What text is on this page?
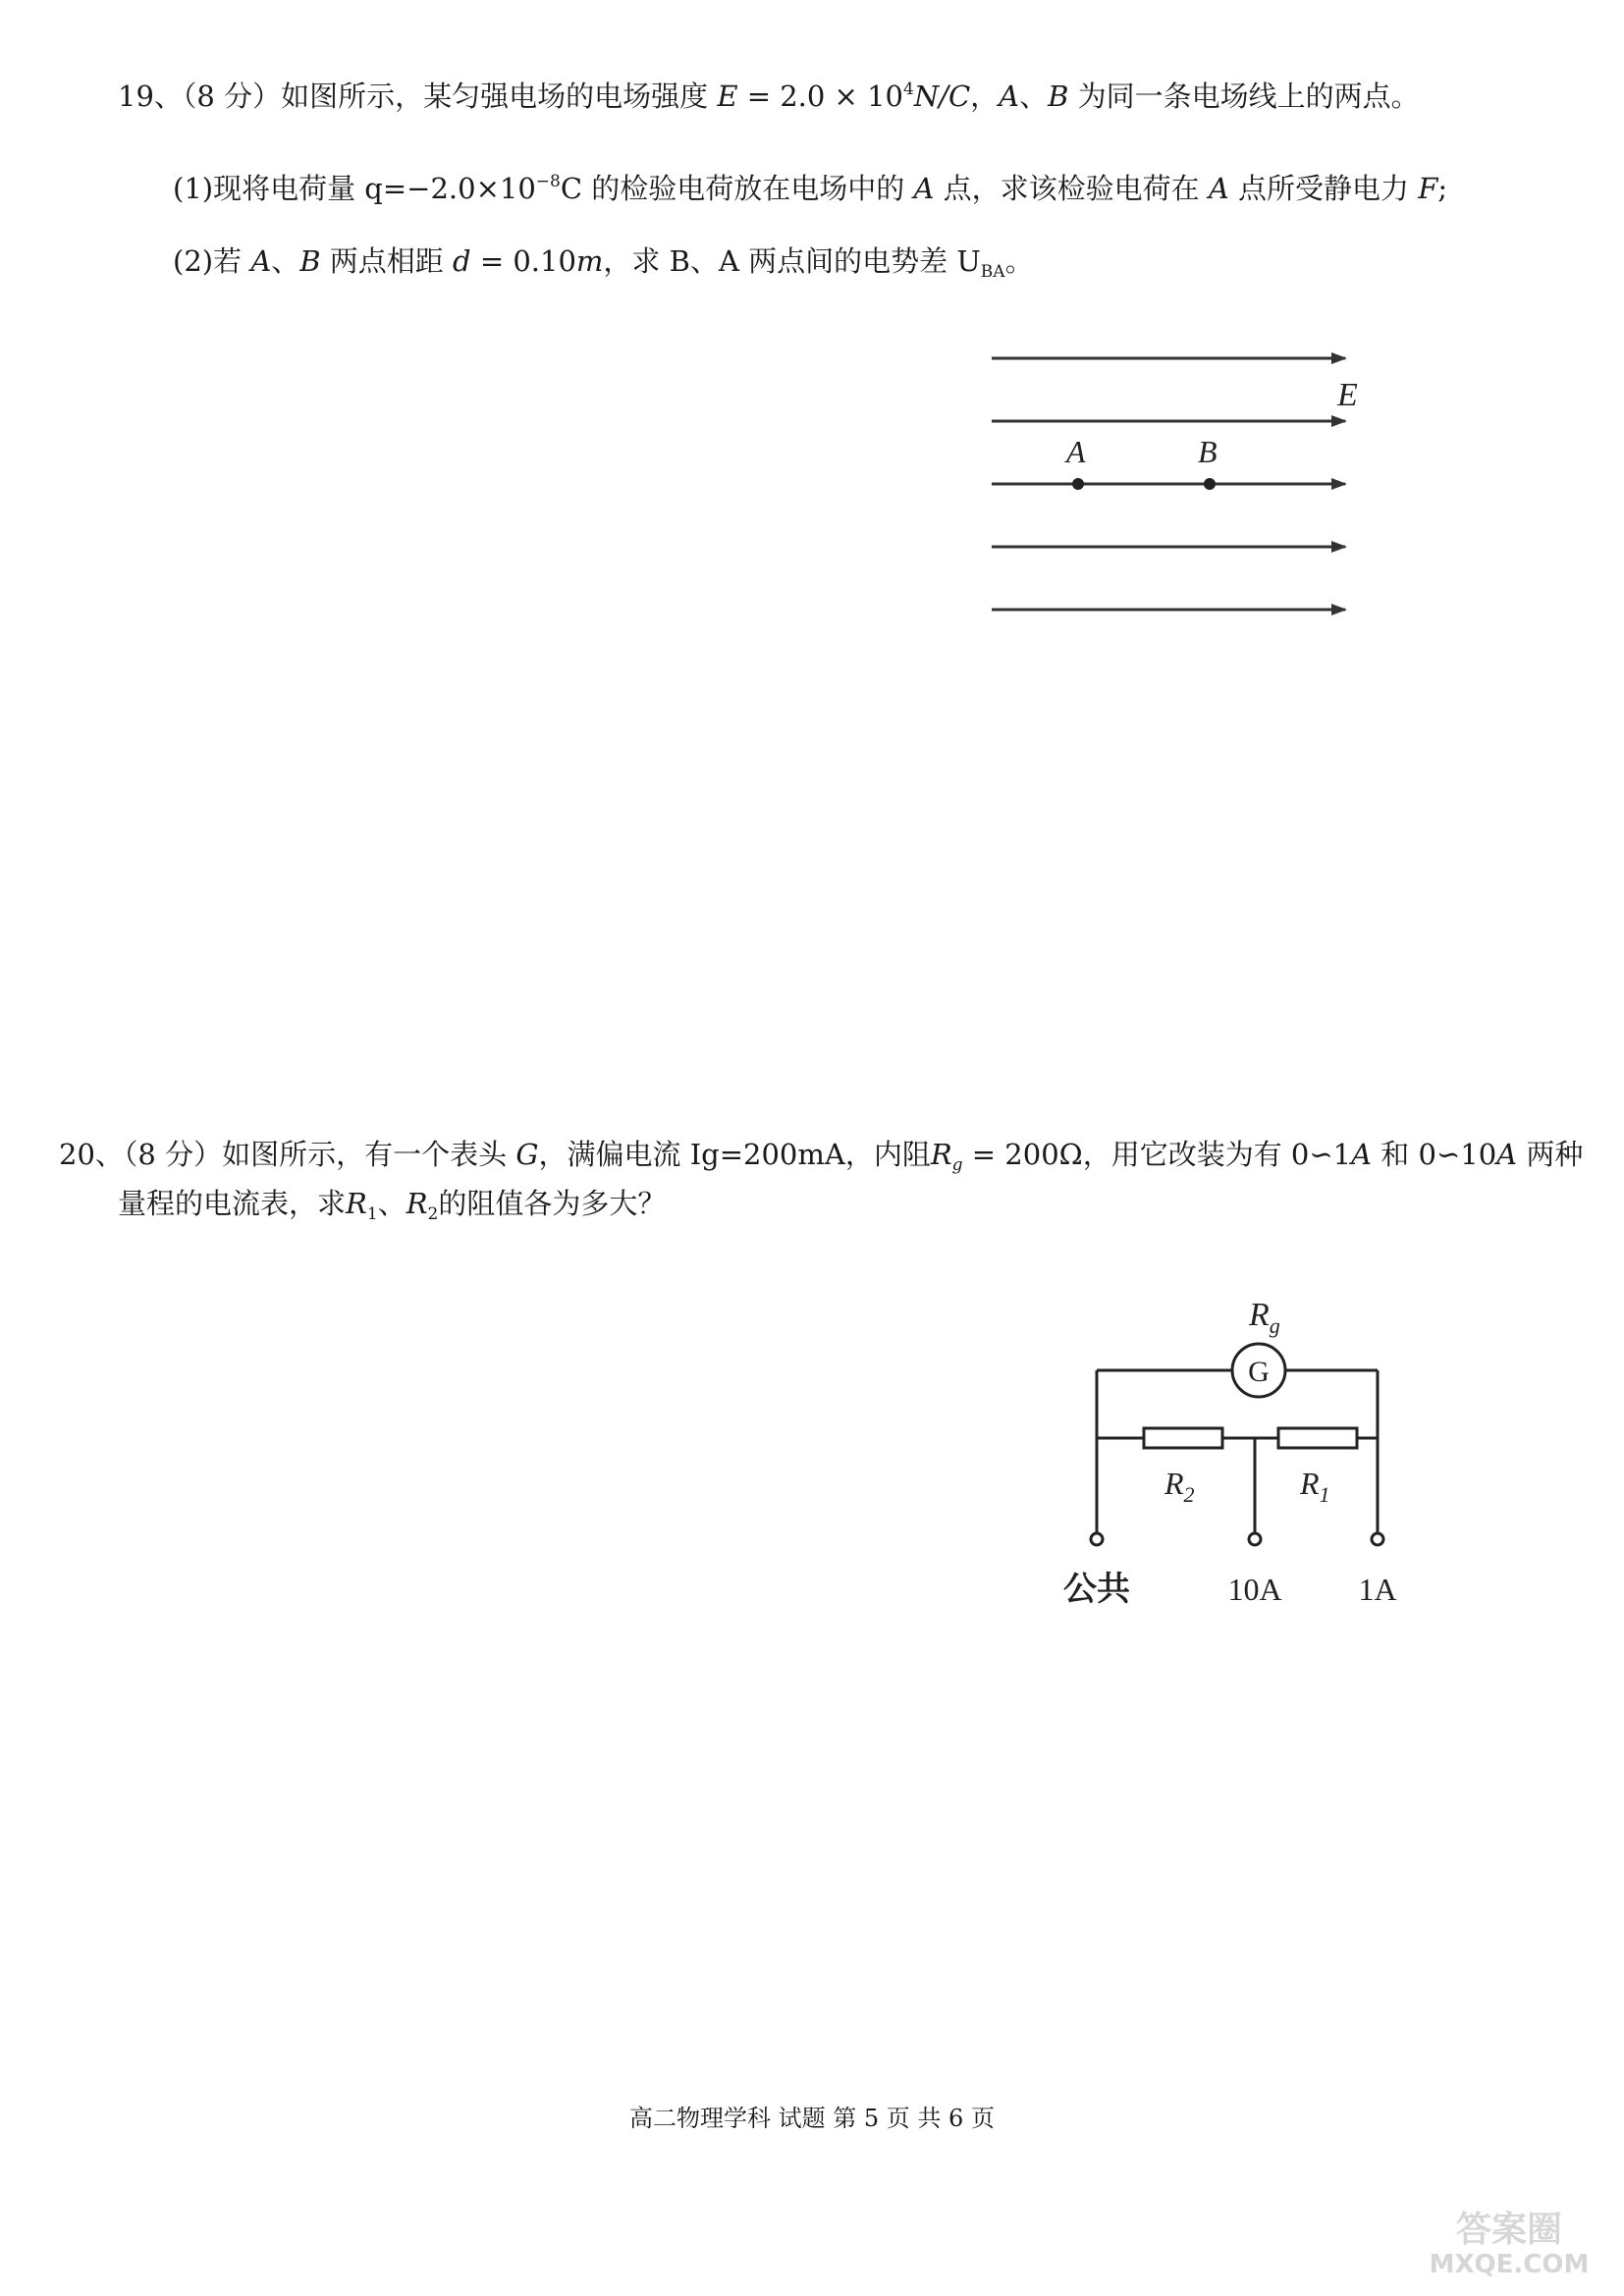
19、（8 分）如图所示，某匀强电场的电场强度 $E = 2.0 \times 10^4N/C$，A、B 为同一条电场线上的两点。
(1)现将电荷量 $q=-2.0\times 10^{-8}C$ 的检验电荷放在电场中的 A 点，求该检验电荷在 A 点所受静电力 F;
(2)若 A、B 两点相距 d = 0.10m，求 B、A 两点间的电势差 $U_{BA}$。
A	B
E
20、（8 分）如图所示，有一个表头 G，满偏电流 Ig=200mA，内阻$R_g = 200\Omega$，用它改装为有 0∽1A 和 0∽10A 两种
量程的电流表，求$R_1$、$R_2$的阻值各为多大？
G
$R_g$
$R_2$	$R_1$
公共	10A 1A
高二物理学科 试题 第 5 页 共 6 页
答案圈
MXQE.COM
